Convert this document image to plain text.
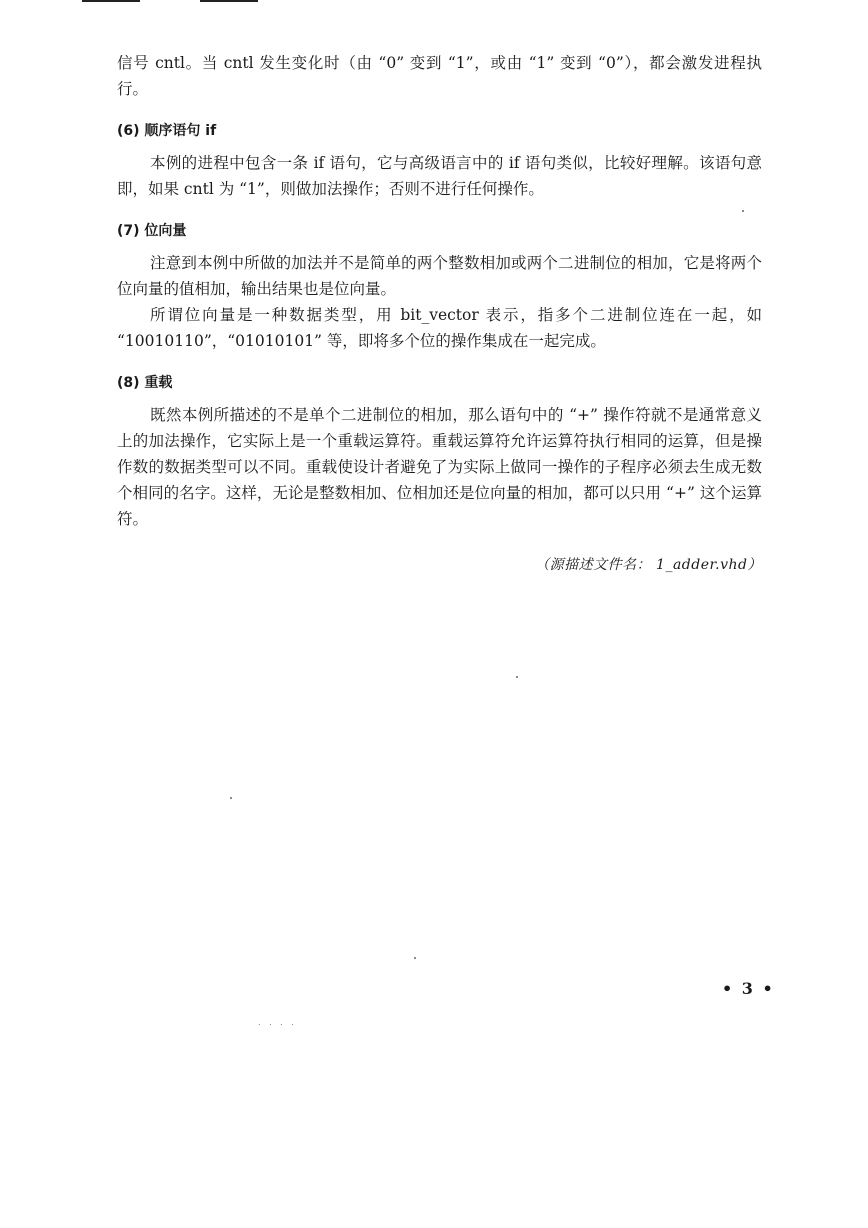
信号 cntl。当 cntl 发生变化时（由 “0” 变到 “1”，或由 “1” 变到 “0”），都会激发进程执行。

(6) 顺序语句 if

本例的进程中包含一条 if 语句，它与高级语言中的 if 语句类似，比较好理解。该语句意即，如果 cntl 为 “1”，则做加法操作；否则不进行任何操作。

(7) 位向量

注意到本例中所做的加法并不是简单的两个整数相加或两个二进制位的相加，它是将两个位向量的值相加，输出结果也是位向量。

所谓位向量是一种数据类型，用 bit_vector 表示，指多个二进制位连在一起，如 “10010110”，“01010101” 等，即将多个位的操作集成在一起完成。

(8) 重载

既然本例所描述的不是单个二进制位的相加，那么语句中的 “+” 操作符就不是通常意义上的加法操作，它实际上是一个重载运算符。重载运算符允许运算符执行相同的运算，但是操作数的数据类型可以不同。重载使设计者避免了为实际上做同一操作的子程序必须去生成无数个相同的名字。这样，无论是整数相加、位相加还是位向量的相加，都可以只用 “+” 这个运算符。

（源描述文件名： 1_adder.vhd）
• 3 •
. . . .
